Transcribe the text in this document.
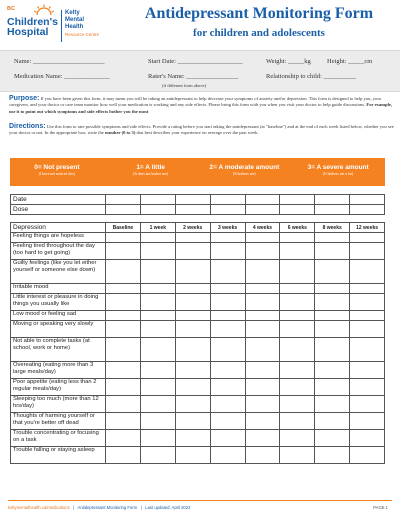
BC
Children's
Hospital
Kelty
Mental
Health
Resource Centre
Antidepressant Monitoring Form
for children and adolescents
Name: ______________________	Start Date: ____________________	Weight: _____kg Height: _____cm
Medication Name: ______________	Rater's Name: ________________
(if different from above)
Relationship to child: __________
Purpose: If you have been given this form, it may mean you will be taking an antidepressant to help decrease your symptoms of anxiety and/or depression. This form is designed to help you, your caregivers, and your doctor or care team monitor how well your medication is working and any side effects. Please bring this form with you when you visit your doctor to help guide discussions. For example, use it to point out which symptoms and side effects bother you the most
Directions: Use this form to rate possible symptoms and side effects. Provide a rating before you start taking the antidepressant (at "baseline") and at the end of each week listed below, whether you see your doctor or not. In the appropriate box, write the number (0 to 3) that best describes your experience on average over the past week.
0= Not present
(I have not noticed this)
1= A little
(It does not bother me)
2= A moderate amount
(It bothers me)
3= A severe amount
(It bothers me a lot)
Date								
Dose								
Depression	Baseline	1 week	2 weeks	3 weeks	4 weeks	6 weeks	8 weeks	12 weeks
Feeling things are hopeless								
Feeling tired throughout the day (too hard to get going)								
Guilty feelings (like you let either yourself or someone else down)								
Irritable mood								
Little interest or pleasure in doing things you usually like								
Low mood or feeling sad								
Moving or speaking very slowly								
Not able to complete tasks (at school, work or home)								
Overeating (eating more than 3 large meals/day)								
Poor appetite (eating less than 2 regular meals/day)								
Sleeping too much (more than 12 hrs/day)								
Thoughts of harming yourself or that you're better off dead								
Trouble concentrating or focusing on a task								
Trouble falling or staying asleep								
keltymentalhealth.ca/medications | Antidepressant Monitoring Form | Last updated: April 2022	PAGE 1
